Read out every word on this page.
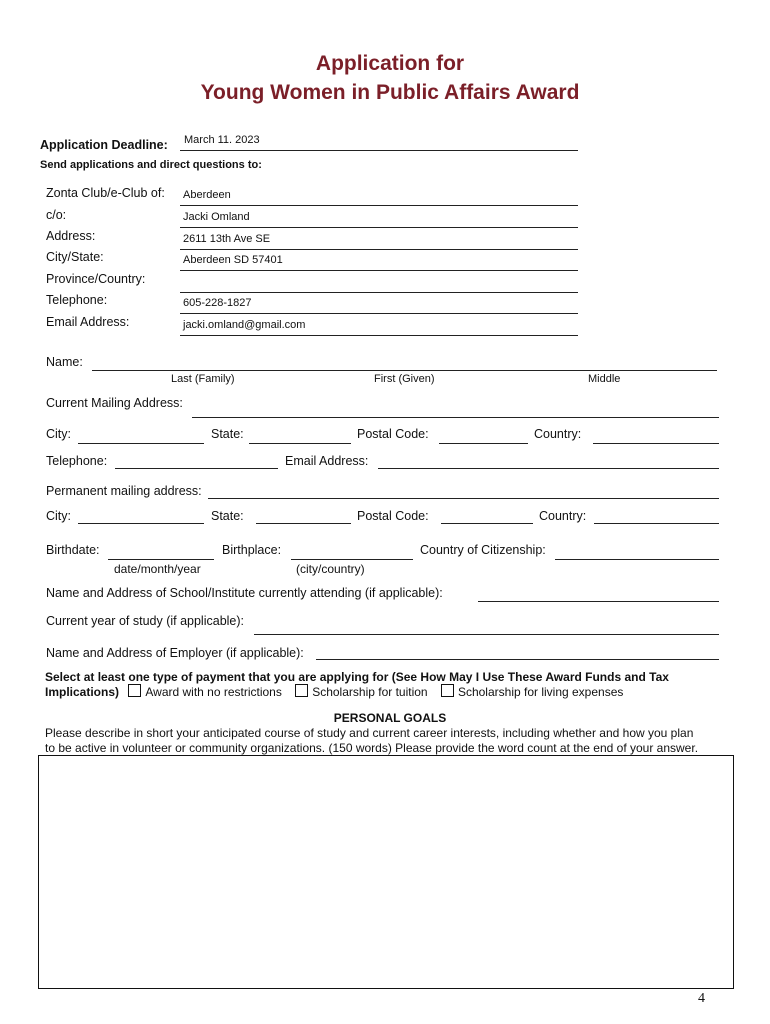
Application for
Young Women in Public Affairs Award
Application Deadline: March 11. 2023
Send applications and direct questions to:
Zonta Club/e-Club of: Aberdeen
c/o:	Jacki Omland
Address:	2611 13th Ave SE
City/State:	Aberdeen SD 57401
Province/Country:
Telephone:	605-228-1827
Email Address:	jacki.omland@gmail.com
Name:
Last (Family)	First (Given)	Middle
Current Mailing Address:
City:	State:	Postal Code:	Country:
Telephone:	Email Address:
Permanent mailing address:
City:	State:	Postal Code:	Country:
Birthdate:
date/month/year
Birthplace:
(city/country)
Country of Citizenship:
Name and Address of School/Institute currently attending (if applicable):
Current year of study (if applicable):
Name and Address of Employer (if applicable):
Select at least one type of payment that you are applying for (See How May I Use These Award Funds and Tax
Implications) Award with no restrictions	Scholarship for tuition	Scholarship for living expenses
PERSONAL GOALS
Please describe in short your anticipated course of study and current career interests, including whether and how you plan
to be active in volunteer or community organizations. (150 words) Please provide the word count at the end of your answer.
4
